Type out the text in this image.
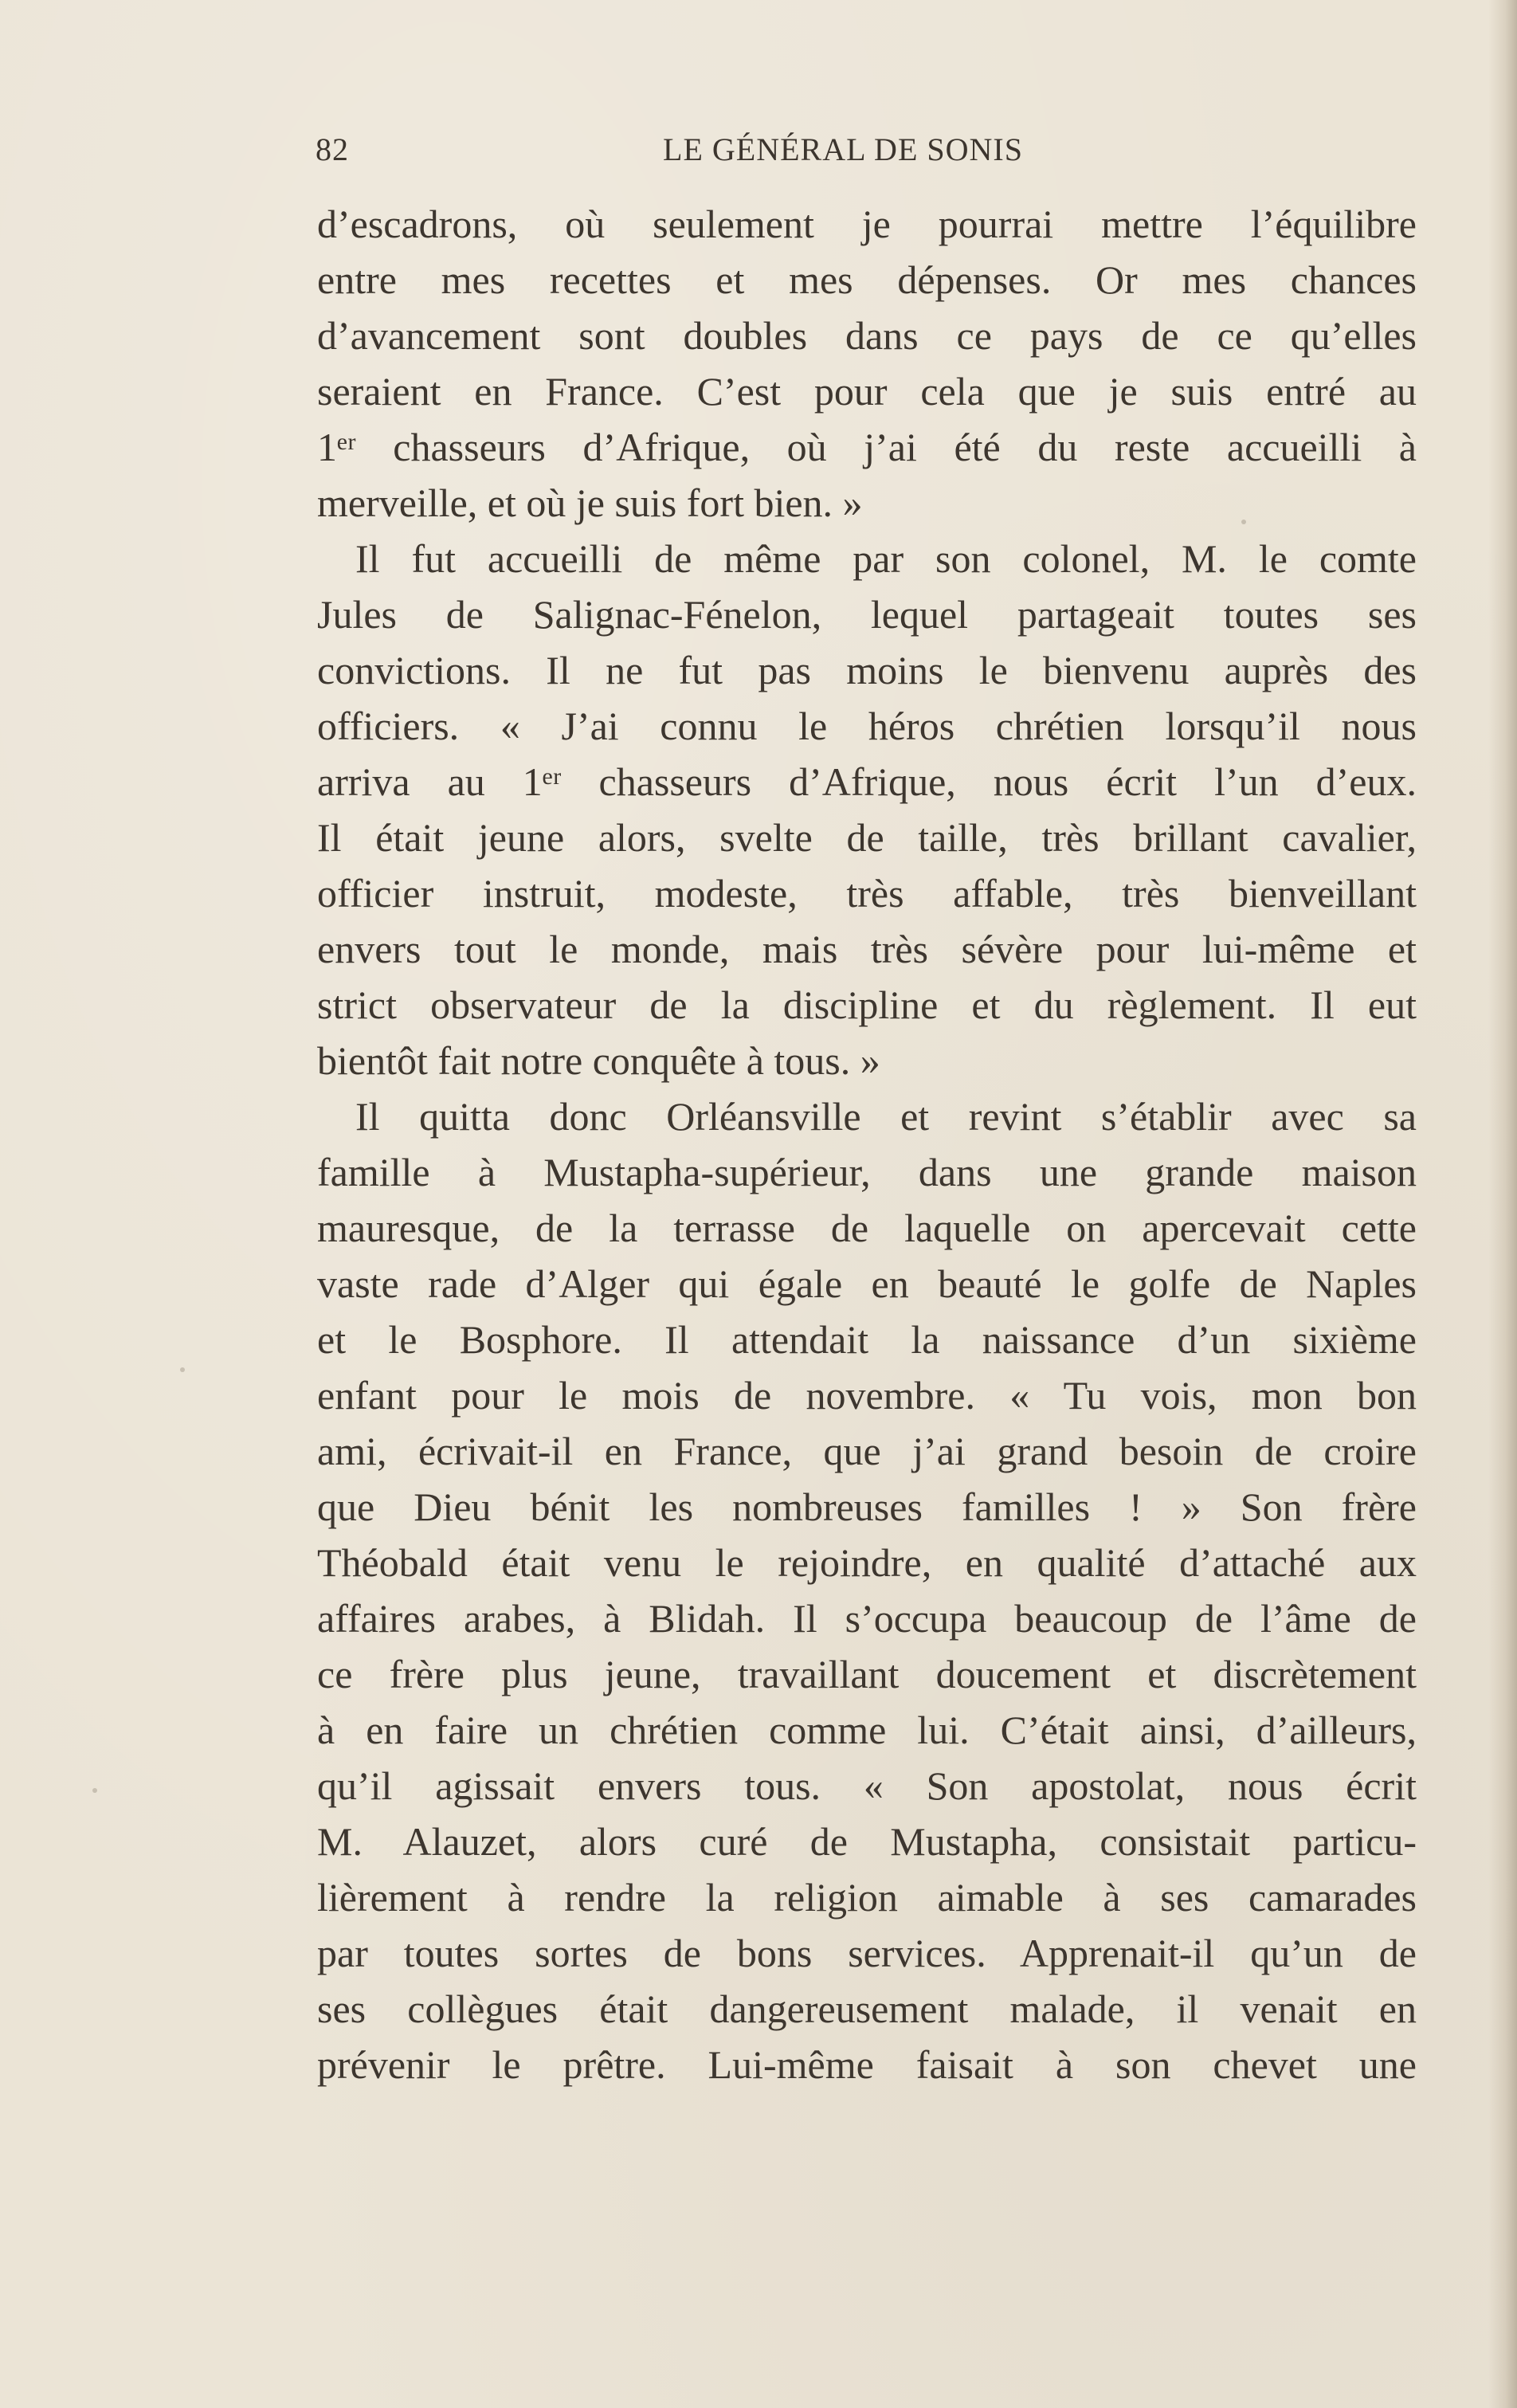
82	LE GÉNÉRAL DE SONIS
d’escadrons, où seulement je pourrai mettre l’équilibre
entre mes recettes et mes dépenses. Or mes chances
d’avancement sont doubles dans ce pays de ce qu’elles
seraient en France. C’est pour cela que je suis entré au
1ᵉʳ chasseurs d’Afrique, où j’ai été du reste accueilli à
merveille, et où je suis fort bien. »
Il fut accueilli de même par son colonel, M. le comte
Jules de Salignac-Fénelon, lequel partageait toutes ses
convictions. Il ne fut pas moins le bienvenu auprès des
officiers. « J’ai connu le héros chrétien lorsqu’il nous
arriva au 1ᵉʳ chasseurs d’Afrique, nous écrit l’un d’eux.
Il était jeune alors, svelte de taille, très brillant cavalier,
officier instruit, modeste, très affable, très bienveillant
envers tout le monde, mais très sévère pour lui-même et
strict observateur de la discipline et du règlement. Il eut
bientôt fait notre conquête à tous. »
Il quitta donc Orléansville et revint s’établir avec sa
famille à Mustapha-supérieur, dans une grande maison
mauresque, de la terrasse de laquelle on apercevait cette
vaste rade d’Alger qui égale en beauté le golfe de Naples
et le Bosphore. Il attendait la naissance d’un sixième
enfant pour le mois de novembre. « Tu vois, mon bon
ami, écrivait-il en France, que j’ai grand besoin de croire
que Dieu bénit les nombreuses familles ! » Son frère
Théobald était venu le rejoindre, en qualité d’attaché aux
affaires arabes, à Blidah. Il s’occupa beaucoup de l’âme de
ce frère plus jeune, travaillant doucement et discrètement
à en faire un chrétien comme lui. C’était ainsi, d’ailleurs,
qu’il agissait envers tous. « Son apostolat, nous écrit
M. Alauzet, alors curé de Mustapha, consistait particu-
lièrement à rendre la religion aimable à ses camarades
par toutes sortes de bons services. Apprenait-il qu’un de
ses collègues était dangereusement malade, il venait en
prévenir le prêtre. Lui-même faisait à son chevet une
